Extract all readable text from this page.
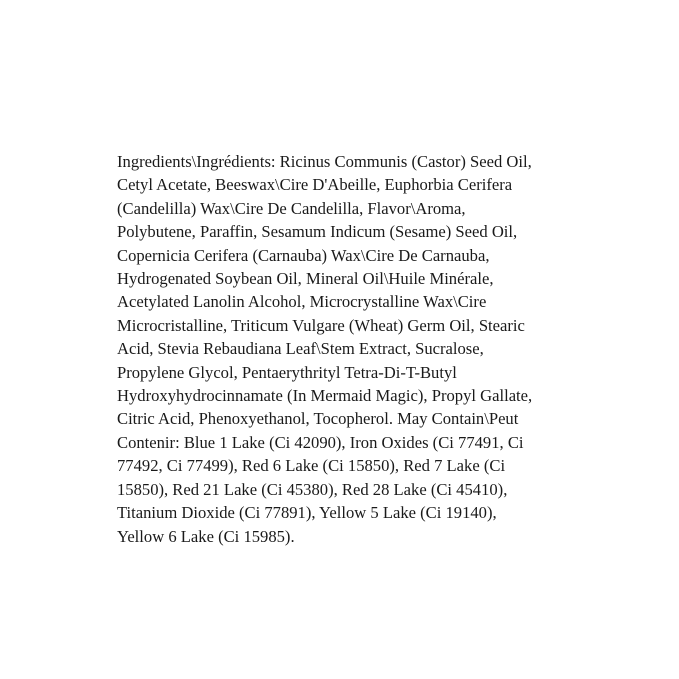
Ingredients\Ingrédients: Ricinus Communis (Castor) Seed Oil,
Cetyl Acetate, Beeswax\Cire D'Abeille, Euphorbia Cerifera
(Candelilla) Wax\Cire De Candelilla, Flavor\Aroma,
Polybutene, Paraffin, Sesamum Indicum (Sesame) Seed Oil,
Copernicia Cerifera (Carnauba) Wax\Cire De Carnauba,
Hydrogenated Soybean Oil, Mineral Oil\Huile Minérale,
Acetylated Lanolin Alcohol, Microcrystalline Wax\Cire
Microcristalline, Triticum Vulgare (Wheat) Germ Oil, Stearic
Acid, Stevia Rebaudiana Leaf\Stem Extract, Sucralose,
Propylene Glycol, Pentaerythrityl Tetra-Di-T-Butyl
Hydroxyhydrocinnamate (In Mermaid Magic), Propyl Gallate,
Citric Acid, Phenoxyethanol, Tocopherol. May Contain\Peut
Contenir: Blue 1 Lake (Ci 42090), Iron Oxides (Ci 77491, Ci
77492, Ci 77499), Red 6 Lake (Ci 15850), Red 7 Lake (Ci
15850), Red 21 Lake (Ci 45380), Red 28 Lake (Ci 45410),
Titanium Dioxide (Ci 77891), Yellow 5 Lake (Ci 19140),
Yellow 6 Lake (Ci 15985).
